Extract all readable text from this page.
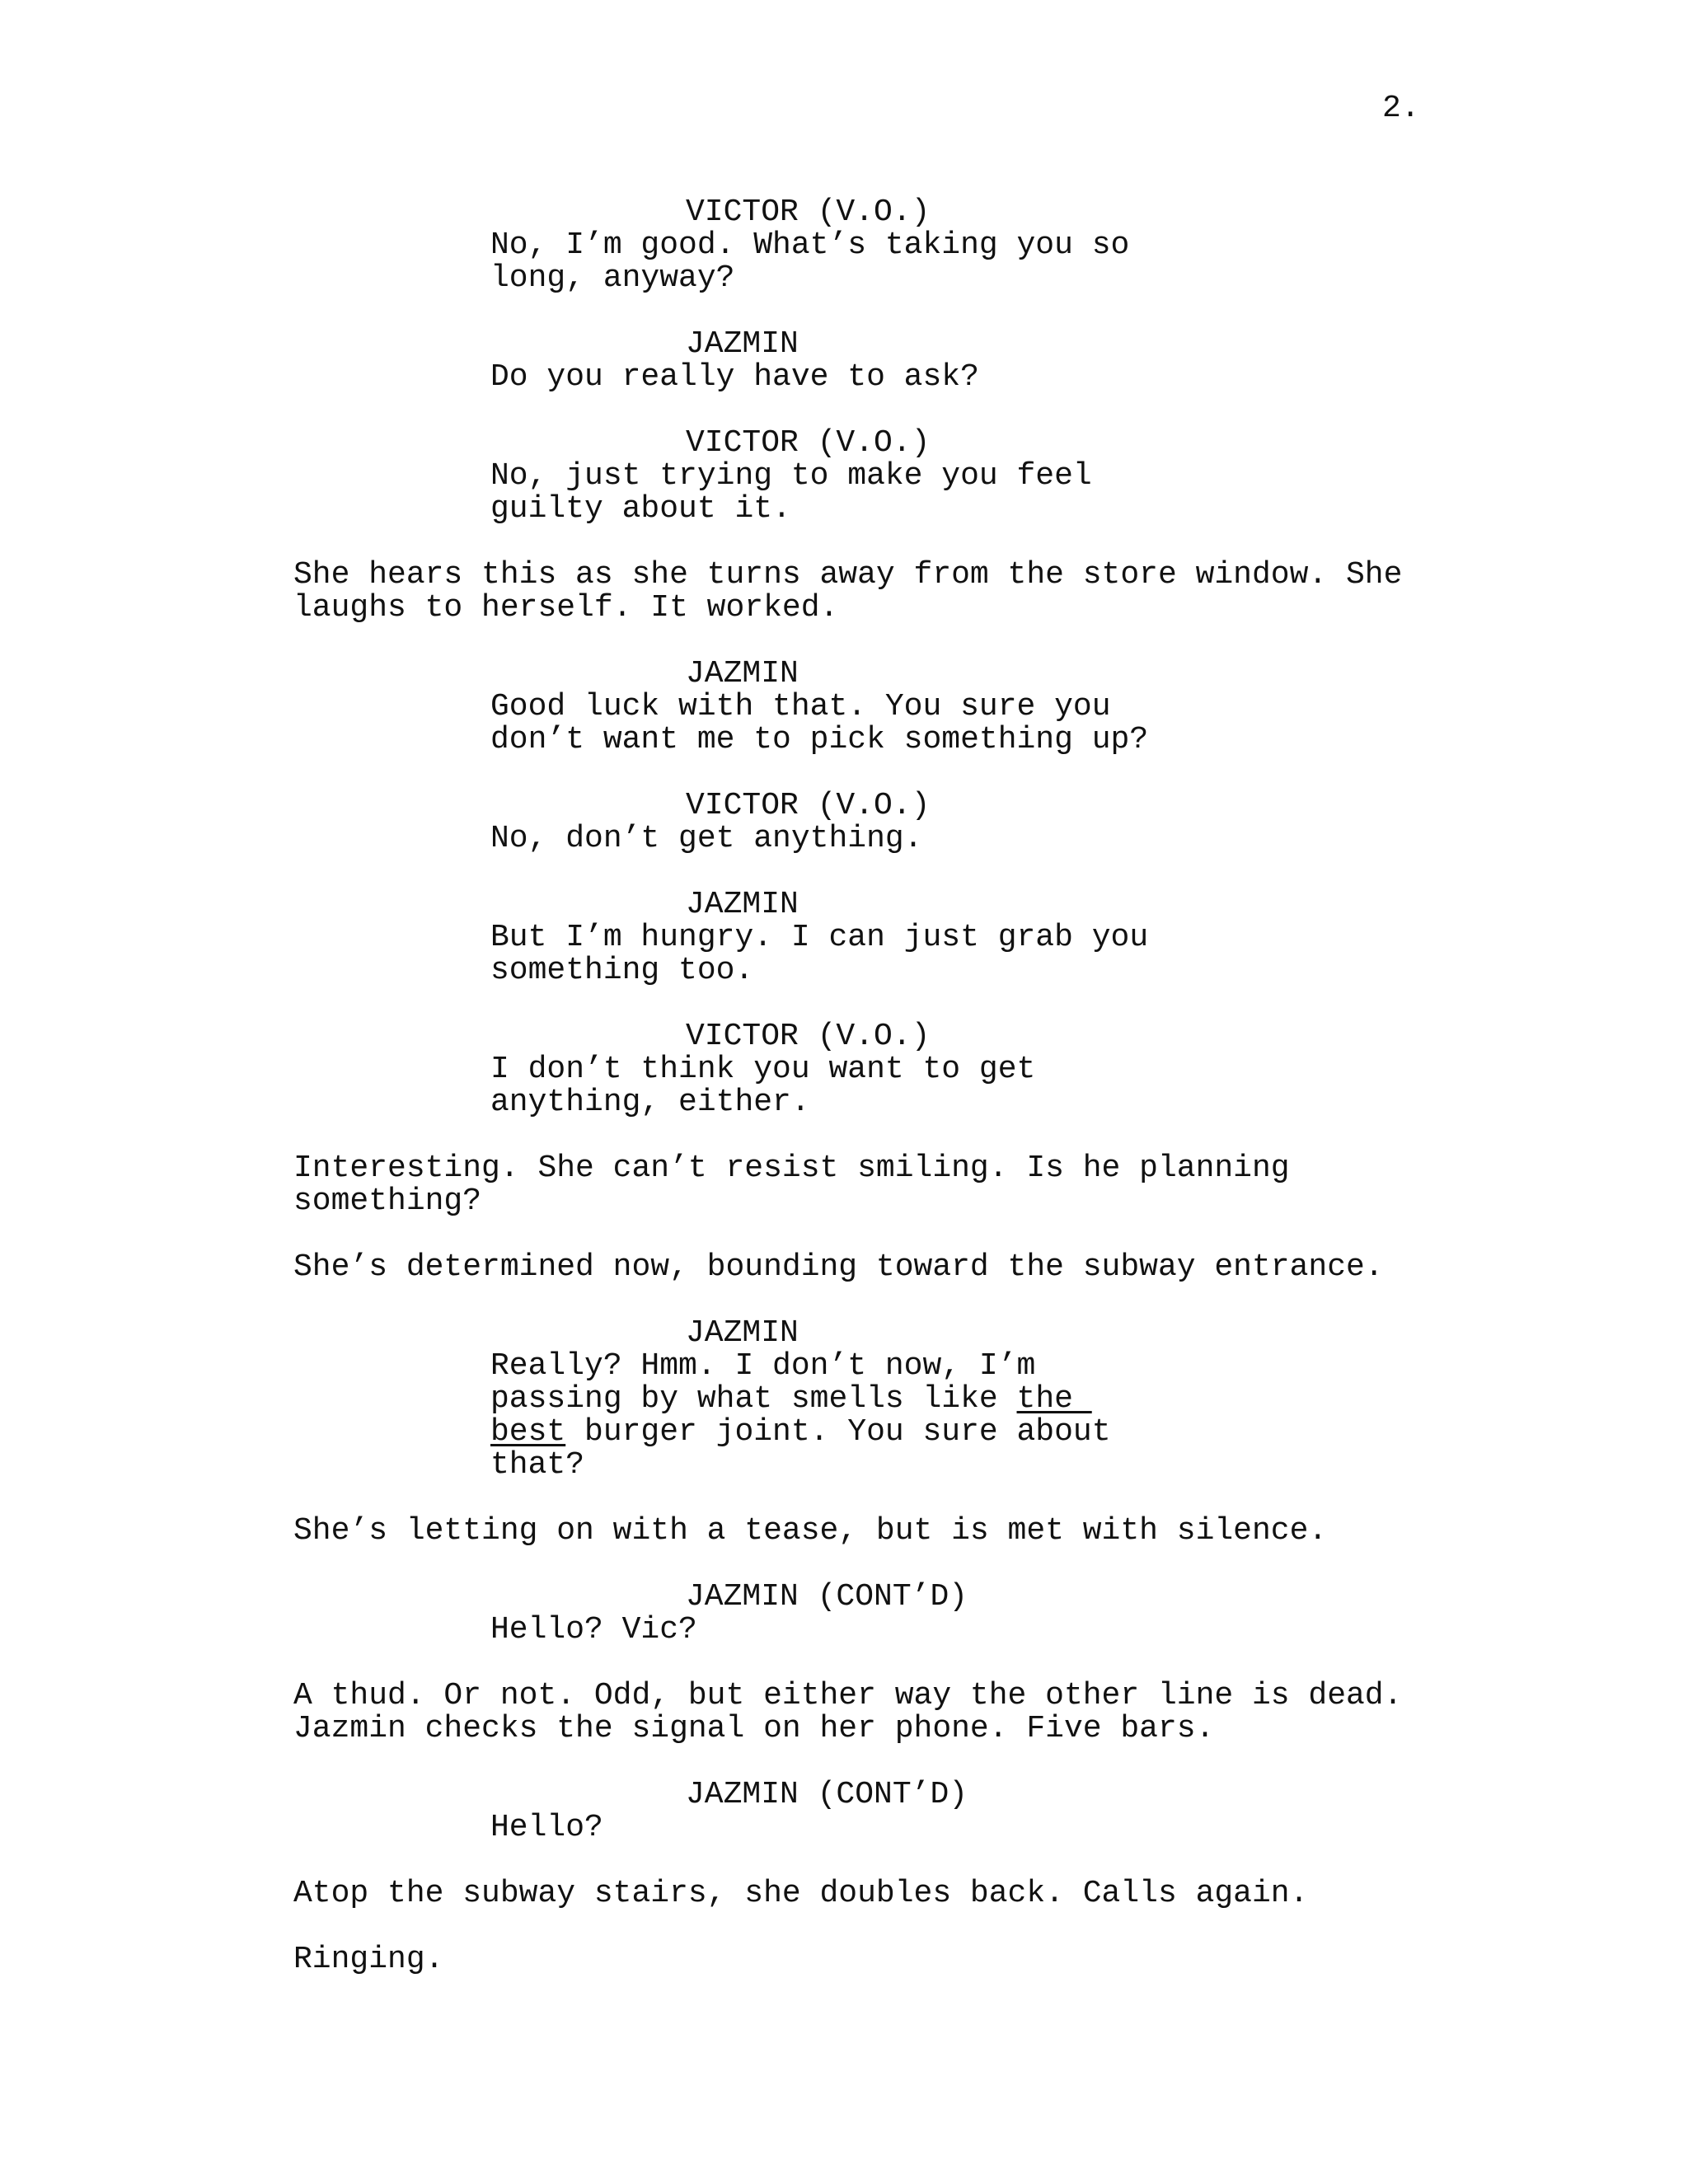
2.
VICTOR (V.O.)
No, I’m good. What’s taking you so
long, anyway?
JAZMIN
Do you really have to ask?
VICTOR (V.O.)
No, just trying to make you feel
guilty about it.
She hears this as she turns away from the store window. She
laughs to herself. It worked.
JAZMIN
Good luck with that. You sure you
don’t want me to pick something up?
VICTOR (V.O.)
No, don’t get anything.
JAZMIN
But I’m hungry. I can just grab you
something too.
VICTOR (V.O.)
I don’t think you want to get
anything, either.
Interesting. She can’t resist smiling. Is he planning
something?
She’s determined now, bounding toward the subway entrance.
JAZMIN
Really? Hmm. I don’t now, I’m
passing by what smells like the
best burger joint. You sure about
that?
She’s letting on with a tease, but is met with silence.
JAZMIN (CONT’D)
Hello? Vic?
A thud. Or not. Odd, but either way the other line is dead.
Jazmin checks the signal on her phone. Five bars.
JAZMIN (CONT’D)
Hello?
Atop the subway stairs, she doubles back. Calls again.
Ringing.
